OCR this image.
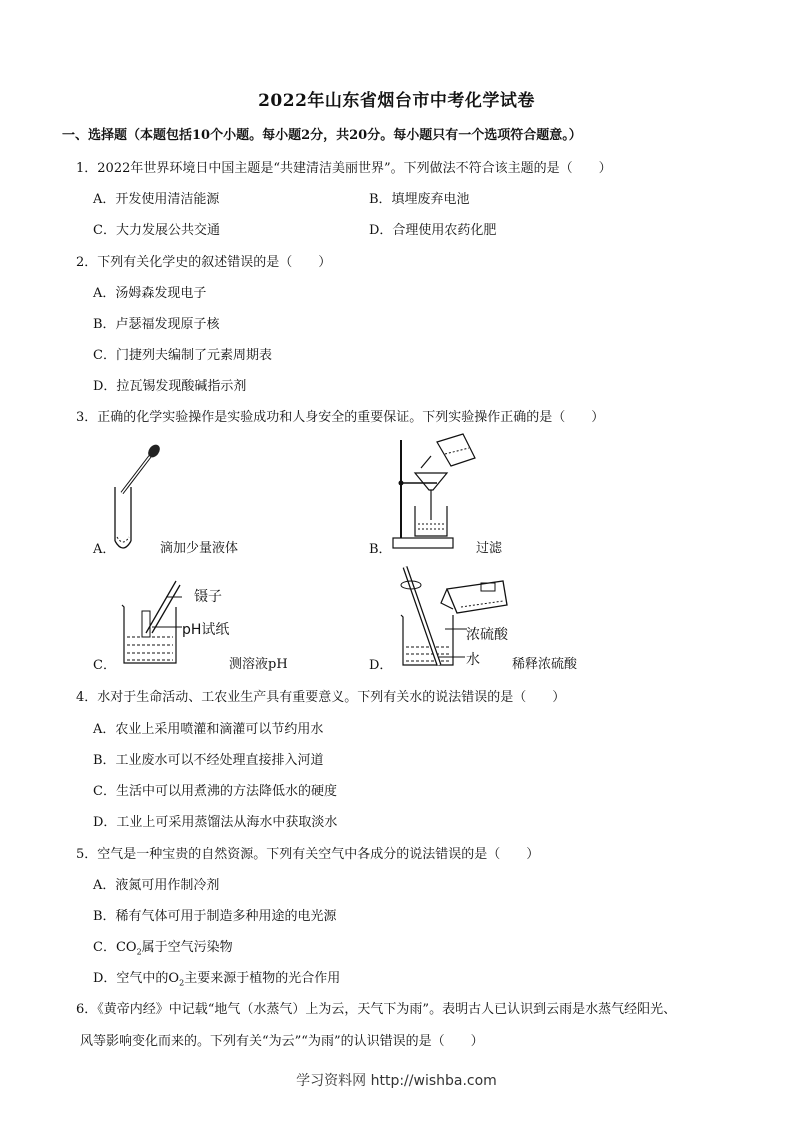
2022年山东省烟台市中考化学试卷
一、选择题（本题包括10个小题。每小题2分，共20分。每小题只有一个选项符合题意。）
1．2022年世界环境日中国主题是“共建清洁美丽世界”。下列做法不符合该主题的是（　　）
A．开发使用清洁能源	B．填埋废弃电池
C．大力发展公共交通	D．合理使用农药化肥
2．下列有关化学史的叙述错误的是（　　）
A．汤姆森发现电子
B．卢瑟福发现原子核
C．门捷列夫编制了元素周期表
D．拉瓦锡发现酸碱指示剂
3．正确的化学实验操作是实验成功和人身安全的重要保证。下列实验操作正确的是（　　）
A．	滴加少量液体	B．	过滤
镊子
pH试纸
C．	测溶液pH
浓硫酸
水
D．	稀释浓硫酸
4．水对于生命活动、工农业生产具有重要意义。下列有关水的说法错误的是（　　）
A．农业上采用喷灌和滴灌可以节约用水
B．工业废水可以不经处理直接排入河道
C．生活中可以用煮沸的方法降低水的硬度
D．工业上可采用蒸馏法从海水中获取淡水
5．空气是一种宝贵的自然资源。下列有关空气中各成分的说法错误的是（　　）
A．液氮可用作制冷剂
B．稀有气体可用于制造多种用途的电光源
C．$CO_2$属于空气污染物
D．空气中的$O_2$主要来源于植物的光合作用
6．《黄帝内经》中记载“地气（水蒸气）上为云，天气下为雨”。表明古人已认识到云雨是水蒸气经阳光、
风等影响变化而来的。下列有关“为云”“为雨”的认识错误的是（　　）
学习资料网 http://wishba.com
